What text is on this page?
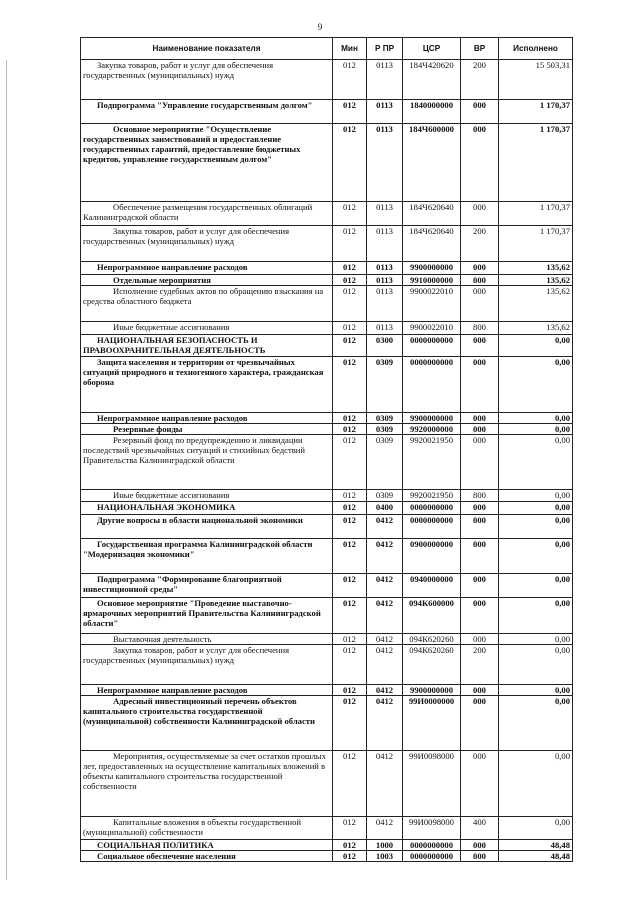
9
Наименование показателя	Мин	Р ПР	ЦСР	ВР	Исполнено
Закупка товаров, работ и услуг для обеспечения государственных (муниципальных) нужд	012	0113	184Ч420620	200	15 503,31
Подпрограмма "Управление государственным долгом"	012	0113	1840000000	000	1 170,37
Основное мероприятие "Осуществление государственных заимствований и предоставление государственных гарантий, предоставление бюджетных кредитов, управление государственным долгом"	012	0113	184Ч600000	000	1 170,37
Обеспечение размещения государственных облигаций Калининградской области	012	0113	184Ч620640	000	1 170,37
Закупка товаров, работ и услуг для обеспечения государственных (муниципальных) нужд	012	0113	184Ч620640	200	1 170,37
Непрограммное направление расходов	012	0113	9900000000	000	135,62
Отдельные мероприятия	012	0113	9910000000	000	135,62
Исполнение судебных актов по обращению взыскания на средства областного бюджета	012	0113	9900022010	000	135,62
Иные бюджетные ассигнования	012	0113	9900022010	800	135,62
НАЦИОНАЛЬНАЯ БЕЗОПАСНОСТЬ И ПРАВООХРАНИТЕЛЬНАЯ ДЕЯТЕЛЬНОСТЬ	012	0300	0000000000	000	0,00
Защита населения и территории от чрезвычайных ситуаций природного и техногенного характера, гражданская оборона	012	0309	0000000000	000	0,00
Непрограммное направление расходов	012	0309	9900000000	000	0,00
Резервные фонды	012	0309	9920000000	000	0,00
Резервный фонд по предупреждению и ликвидации последствий чрезвычайных ситуаций и стихийных бедствий Правительства Калининградской области	012	0309	9920021950	000	0,00
Иные бюджетные ассигнования	012	0309	9920021950	800	0,00
НАЦИОНАЛЬНАЯ ЭКОНОМИКА	012	0400	0000000000	000	0,00
Другие вопросы в области национальной экономики	012	0412	0000000000	000	0,00
Государственная программа Калининградской области "Модернизация экономики"	012	0412	0900000000	000	0,00
Подпрограмма "Формирование благоприятной инвестиционной среды"	012	0412	0940000000	000	0,00
Основное мероприятие "Проведение выставочно-ярмарочных мероприятий Правительства Калининградской области"	012	0412	094К600000	000	0,00
Выставочная деятельность	012	0412	094К620260	000	0,00
Закупка товаров, работ и услуг для обеспечения государственных (муниципальных) нужд	012	0412	094К620260	200	0,00
Непрограммное направление расходов	012	0412	9900000000	000	0,00
Адресный инвестиционный перечень объектов капитального строительства государственной (муниципальной) собственности Калининградской области	012	0412	99И0000000	000	0,00
Мероприятия, осуществляемые за счет остатков прошлых лет, предоставленных на осуществление капитальных вложений в объекты капитального строительства государственной собственности	012	0412	99И0098000	000	0,00
Капитальные вложения в объекты государственной (муниципальной) собственности	012	0412	99И0098000	400	0,00
СОЦИАЛЬНАЯ ПОЛИТИКА	012	1000	0000000000	000	48,48
Социальное обеспечение населения	012	1003	0000000000	000	48,48
